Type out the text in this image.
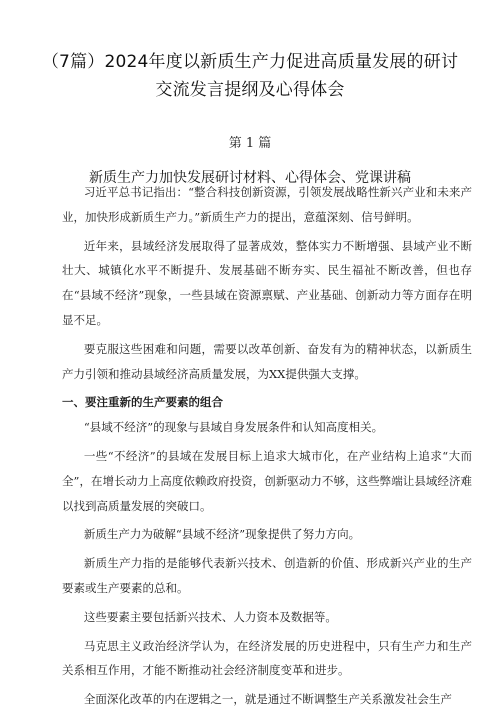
（7篇）2024年度以新质生产力促进高质量发展的研讨
交流发言提纲及心得体会
第 1 篇
新质生产力加快发展研讨材料、心得体会、党课讲稿

习近平总书记指出：“整合科技创新资源，引领发展战略性新兴产业和未来产业，加快形成新质生产力。”新质生产力的提出，意蕴深刻、信号鲜明。

近年来，县域经济发展取得了显著成效，整体实力不断增强、县域产业不断壮大、城镇化水平不断提升、发展基础不断夯实、民生福祉不断改善，但也存在“县域不经济”现象，一些县域在资源禀赋、产业基础、创新动力等方面存在明显不足。

要克服这些困难和问题，需要以改革创新、奋发有为的精神状态，以新质生产力引领和推动县域经济高质量发展，为XX提供强大支撑。

一、要注重新的生产要素的组合

“县域不经济”的现象与县域自身发展条件和认知高度相关。

一些“不经济”的县域在发展目标上追求大城市化，在产业结构上追求“大而全”，在增长动力上高度依赖政府投资，创新驱动力不够，这些弊端让县域经济难以找到高质量发展的突破口。

新质生产力为破解“县域不经济”现象提供了努力方向。

新质生产力指的是能够代表新兴技术、创造新的价值、形成新兴产业的生产要素或生产要素的总和。

这些要素主要包括新兴技术、人力资本及数据等。

马克思主义政治经济学认为，在经济发展的历史进程中，只有生产力和生产关系相互作用，才能不断推动社会经济制度变革和进步。

全面深化改革的内在逻辑之一，就是通过不断调整生产关系激发社会生产
